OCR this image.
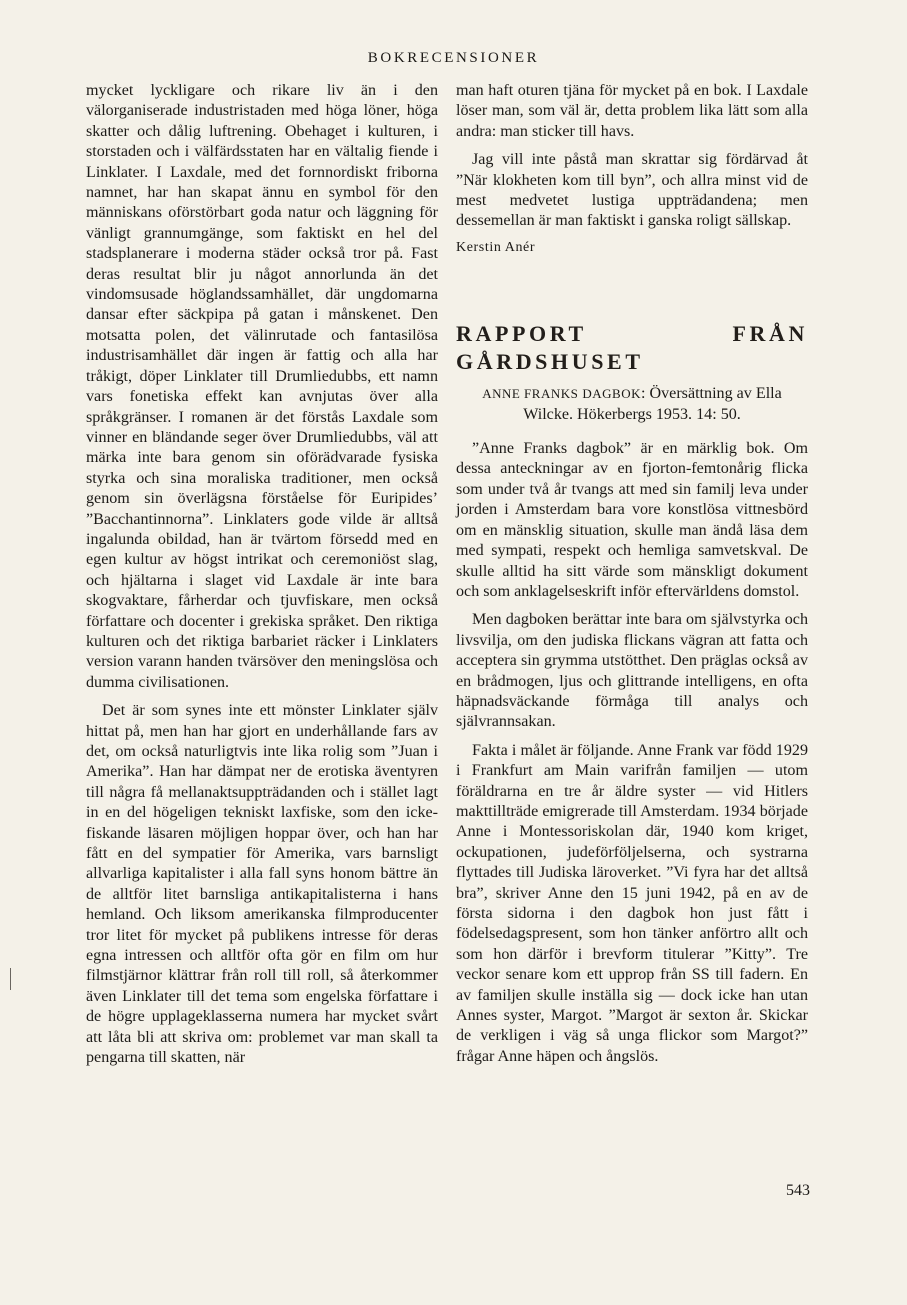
BOKRECENSIONER

mycket lyckligare och rikare liv än i den välorganiserade industristaden med höga löner, höga skatter och dålig luftrening. Obehaget i kulturen, i storstaden och i välfärdsstaten har en vältalig fiende i Linklater. I Laxdale, med det fornnordiskt friborna namnet, har han skapat ännu en symbol för den människans oförstörbart goda natur och läggning för vänligt grannumgänge, som faktiskt en hel del stadsplanerare i moderna städer också tror på. Fast deras resultat blir ju något annorlunda än det vindomsusade höglandssamhället, där ungdomarna dansar efter säckpipa på gatan i månskenet. Den motsatta polen, det välinrutade och fantasilösa industrisamhället där ingen är fattig och alla har tråkigt, döper Linklater till Drumliedubbs, ett namn vars fonetiska effekt kan avnjutas över alla språkgränser. I romanen är det förstås Laxdale som vinner en bländande seger över Drumliedubbs, väl att märka inte bara genom sin oförädvarade fysiska styrka och sina moraliska traditioner, men också genom sin överlägsna förståelse för Euripides’ ”Bacchantinnorna”. Linklaters gode vilde är alltså ingalunda obildad, han är tvärtom försedd med en egen kultur av högst intrikat och ceremoniöst slag, och hjältarna i slaget vid Laxdale är inte bara skogvaktare, fårherdar och tjuvfiskare, men också författare och docenter i grekiska språket. Den riktiga kulturen och det riktiga barbariet räcker i Linklaters version varann handen tvärsöver den meningslösa och dumma civilisationen.

Det är som synes inte ett mönster Linklater själv hittat på, men han har gjort en underhållande fars av det, om också naturligtvis inte lika rolig som ”Juan i Amerika”. Han har dämpat ner de erotiska äventyren till några få mellanaktsuppträdanden och i stället lagt in en del högeligen tekniskt laxfiske, som den icke-fiskande läsaren möjligen hoppar över, och han har fått en del sympatier för Amerika, vars barnsligt allvarliga kapitalister i alla fall syns honom bättre än de alltför litet barnsliga antikapitalisterna i hans hemland. Och liksom amerikanska filmproducenter tror litet för mycket på publikens intresse för deras egna intressen och alltför ofta gör en film om hur filmstjärnor klättrar från roll till roll, så återkommer även Linklater till det tema som engelska författare i de högre upplageklasserna numera har mycket svårt att låta bli att skriva om: problemet var man skall ta pengarna till skatten, när

man haft oturen tjäna för mycket på en bok. I Laxdale löser man, som väl är, detta problem lika lätt som alla andra: man sticker till havs.

Jag vill inte påstå man skrattar sig fördärvad åt ”När klokheten kom till byn”, och allra minst vid de mest medvetet lustiga uppträdandena; men dessemellan är man faktiskt i ganska roligt sällskap.

Kerstin Anér

RAPPORT FRÅN GÅRDSHUSET

ANNE FRANKS DAGBOK: Översättning av Ella Wilcke. Hökerbergs 1953. 14: 50.

”Anne Franks dagbok” är en märklig bok. Om dessa anteckningar av en fjorton-femtonårig flicka som under två år tvangs att med sin familj leva under jorden i Amsterdam bara vore konstlösa vittnesbörd om en mänsklig situation, skulle man ändå läsa dem med sympati, respekt och hemliga samvetskval. De skulle alltid ha sitt värde som mänskligt dokument och som anklagelseskrift inför eftervärldens domstol.

Men dagboken berättar inte bara om självstyrka och livsvilja, om den judiska flickans vägran att fatta och acceptera sin grymma utstötthet. Den präglas också av en brådmogen, ljus och glittrande intelligens, en ofta häpnadsväckande förmåga till analys och självrannsakan.

Fakta i målet är följande. Anne Frank var född 1929 i Frankfurt am Main varifrån familjen — utom föräldrarna en tre år äldre syster — vid Hitlers makttillträde emigrerade till Amsterdam. 1934 började Anne i Montessoriskolan där, 1940 kom kriget, ockupationen, judeförföljelserna, och systrarna flyttades till Judiska läroverket. ”Vi fyra har det alltså bra”, skriver Anne den 15 juni 1942, på en av de första sidorna i den dagbok hon just fått i födelsedagspresent, som hon tänker anförtro allt och som hon därför i brevform titulerar ”Kitty”. Tre veckor senare kom ett upprop från SS till fadern. En av familjen skulle inställa sig — dock icke han utan Annes syster, Margot. ”Margot är sexton år. Skickar de verkligen i väg så unga flickor som Margot?” frågar Anne häpen och ångslös.

543
